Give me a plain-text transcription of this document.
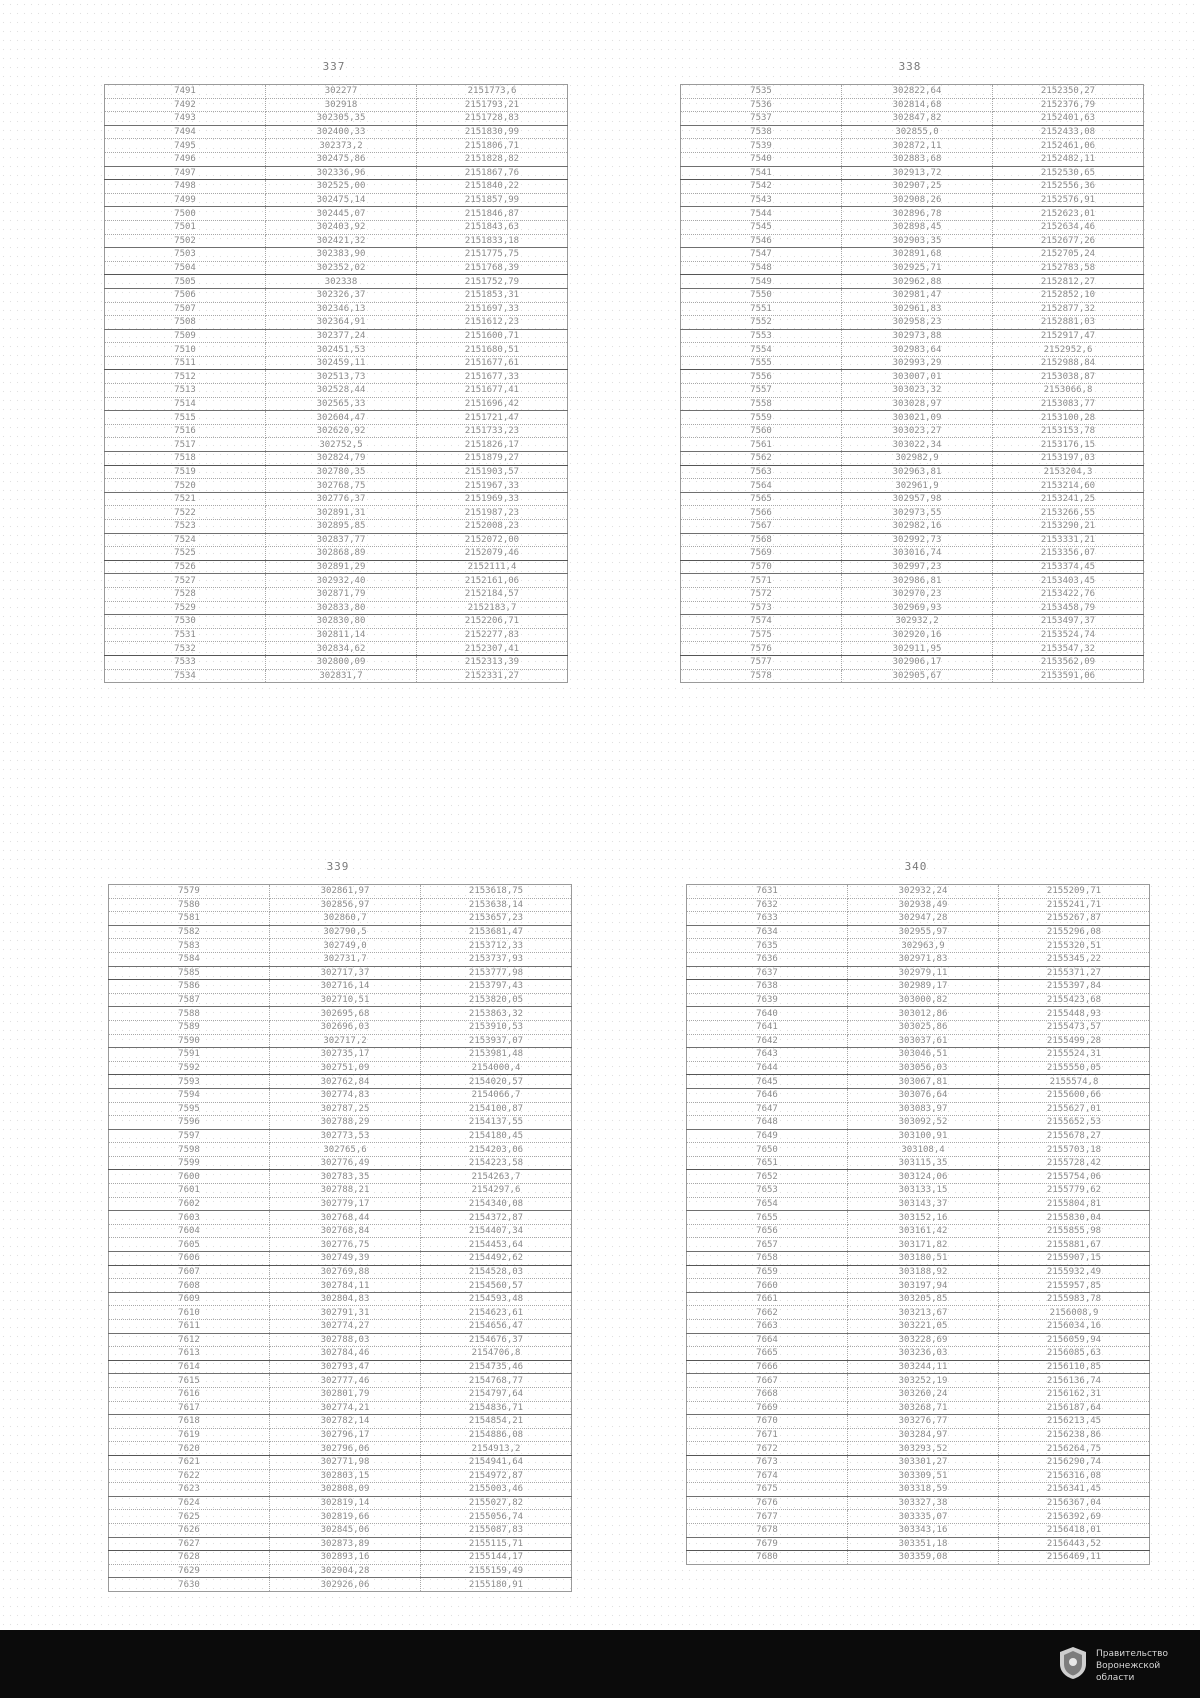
337
7491	302277	2151773,6
7492	302918	2151793,21
7493	302305,35	2151728,83
7494	302400,33	2151830,99
7495	302373,2	2151806,71
7496	302475,86	2151828,82
7497	302336,96	2151867,76
7498	302525,00	2151840,22
7499	302475,14	2151857,99
7500	302445,07	2151846,87
7501	302403,92	2151843,63
7502	302421,32	2151833,18
7503	302383,90	2151775,75
7504	302352,02	2151768,39
7505	302338	2151752,79
7506	302326,37	2151853,31
7507	302346,13	2151697,33
7508	302364,91	2151612,23
7509	302377,24	2151600,71
7510	302451,53	2151680,51
7511	302459,11	2151677,61
7512	302513,73	2151677,33
7513	302528,44	2151677,41
7514	302565,33	2151696,42
7515	302604,47	2151721,47
7516	302620,92	2151733,23
7517	302752,5	2151826,17
7518	302824,79	2151879,27
7519	302780,35	2151903,57
7520	302768,75	2151967,33
7521	302776,37	2151969,33
7522	302891,31	2151987,23
7523	302895,85	2152008,23
7524	302837,77	2152072,00
7525	302868,89	2152079,46
7526	302891,29	2152111,4
7527	302932,40	2152161,06
7528	302871,79	2152184,57
7529	302833,80	2152183,7
7530	302830,80	2152206,71
7531	302811,14	2152277,83
7532	302834,62	2152307,41
7533	302800,09	2152313,39
7534	302831,7	2152331,27
338
7535	302822,64	2152350,27
7536	302814,68	2152376,79
7537	302847,82	2152401,63
7538	302855,0	2152433,08
7539	302872,11	2152461,06
7540	302883,68	2152482,11
7541	302913,72	2152530,65
7542	302907,25	2152556,36
7543	302908,26	2152576,91
7544	302896,78	2152623,01
7545	302898,45	2152634,46
7546	302903,35	2152677,26
7547	302891,68	2152705,24
7548	302925,71	2152783,58
7549	302962,88	2152812,27
7550	302981,47	2152852,10
7551	302961,83	2152877,32
7552	302958,23	2152881,03
7553	302973,88	2152917,47
7554	302983,64	2152952,6
7555	302993,29	2152988,84
7556	303007,01	2153038,87
7557	303023,32	2153066,8
7558	303028,97	2153083,77
7559	303021,09	2153100,28
7560	303023,27	2153153,78
7561	303022,34	2153176,15
7562	302982,9	2153197,03
7563	302963,81	2153204,3
7564	302961,9	2153214,60
7565	302957,98	2153241,25
7566	302973,55	2153266,55
7567	302982,16	2153290,21
7568	302992,73	2153331,21
7569	303016,74	2153356,07
7570	302997,23	2153374,45
7571	302986,81	2153403,45
7572	302970,23	2153422,76
7573	302969,93	2153458,79
7574	302932,2	2153497,37
7575	302920,16	2153524,74
7576	302911,95	2153547,32
7577	302906,17	2153562,09
7578	302905,67	2153591,06
339
7579	302861,97	2153618,75
7580	302856,97	2153638,14
7581	302860,7	2153657,23
7582	302790,5	2153681,47
7583	302749,0	2153712,33
7584	302731,7	2153737,93
7585	302717,37	2153777,98
7586	302716,14	2153797,43
7587	302710,51	2153820,05
7588	302695,68	2153863,32
7589	302696,03	2153910,53
7590	302717,2	2153937,07
7591	302735,17	2153981,48
7592	302751,09	2154000,4
7593	302762,84	2154020,57
7594	302774,83	2154066,7
7595	302787,25	2154100,87
7596	302788,29	2154137,55
7597	302773,53	2154180,45
7598	302765,6	2154203,06
7599	302776,49	2154223,58
7600	302783,35	2154263,7
7601	302788,21	2154297,6
7602	302779,17	2154340,08
7603	302768,44	2154372,87
7604	302768,84	2154407,34
7605	302776,75	2154453,64
7606	302749,39	2154492,62
7607	302769,88	2154528,03
7608	302784,11	2154560,57
7609	302804,83	2154593,48
7610	302791,31	2154623,61
7611	302774,27	2154656,47
7612	302788,03	2154676,37
7613	302784,46	2154706,8
7614	302793,47	2154735,46
7615	302777,46	2154768,77
7616	302801,79	2154797,64
7617	302774,21	2154836,71
7618	302782,14	2154854,21
7619	302796,17	2154886,08
7620	302796,06	2154913,2
7621	302771,98	2154941,64
7622	302803,15	2154972,87
7623	302808,09	2155003,46
7624	302819,14	2155027,82
7625	302819,66	2155056,74
7626	302845,06	2155087,83
7627	302873,89	2155115,71
7628	302893,16	2155144,17
7629	302904,28	2155159,49
7630	302926,06	2155180,91
340
7631	302932,24	2155209,71
7632	302938,49	2155241,71
7633	302947,28	2155267,87
7634	302955,97	2155296,08
7635	302963,9	2155320,51
7636	302971,83	2155345,22
7637	302979,11	2155371,27
7638	302989,17	2155397,84
7639	303000,82	2155423,68
7640	303012,86	2155448,93
7641	303025,86	2155473,57
7642	303037,61	2155499,28
7643	303046,51	2155524,31
7644	303056,03	2155550,05
7645	303067,81	2155574,8
7646	303076,64	2155600,66
7647	303083,97	2155627,01
7648	303092,52	2155652,53
7649	303100,91	2155678,27
7650	303108,4	2155703,18
7651	303115,35	2155728,42
7652	303124,06	2155754,06
7653	303133,15	2155779,62
7654	303143,37	2155804,81
7655	303152,16	2155830,04
7656	303161,42	2155855,98
7657	303171,82	2155881,67
7658	303180,51	2155907,15
7659	303188,92	2155932,49
7660	303197,94	2155957,85
7661	303205,85	2155983,78
7662	303213,67	2156008,9
7663	303221,05	2156034,16
7664	303228,69	2156059,94
7665	303236,03	2156085,63
7666	303244,11	2156110,85
7667	303252,19	2156136,74
7668	303260,24	2156162,31
7669	303268,71	2156187,64
7670	303276,77	2156213,45
7671	303284,97	2156238,86
7672	303293,52	2156264,75
7673	303301,27	2156290,74
7674	303309,51	2156316,08
7675	303318,59	2156341,45
7676	303327,38	2156367,04
7677	303335,07	2156392,69
7678	303343,16	2156418,01
7679	303351,18	2156443,52
7680	303359,08	2156469,11
Правительство
Воронежской области
